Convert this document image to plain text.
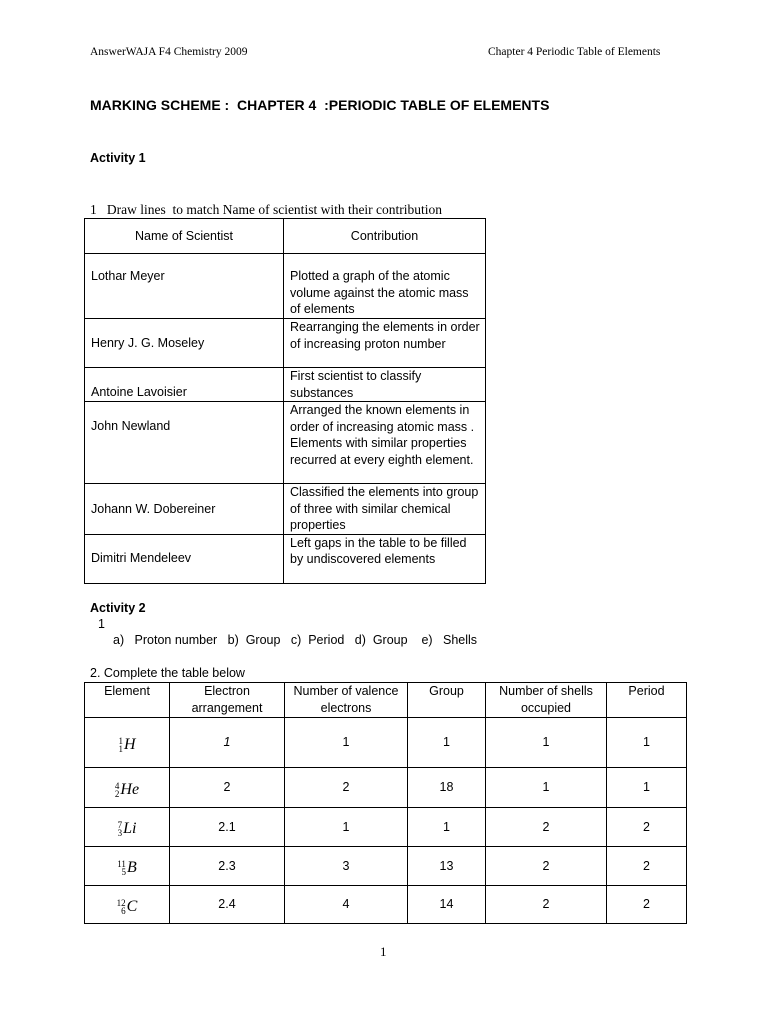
AnswerWAJA F4 Chemistry 2009	Chapter 4 Periodic Table of Elements
MARKING SCHEME :  CHAPTER 4  :PERIODIC TABLE OF ELEMENTS
Activity 1
1   Draw lines  to match Name of scientist with their contribution
Name of Scientist	Contribution
Lothar Meyer	Plotted a graph of the atomic volume against the atomic mass of elements
Henry J. G. Moseley	Rearranging the elements in order of increasing proton number
Antoine Lavoisier	First scientist to classify substances
John Newland	Arranged the known elements in order of increasing atomic mass . Elements with similar properties recurred at every eighth element.
Johann W. Dobereiner	Classified the elements into group of three with similar chemical properties
Dimitri Mendeleev	Left gaps in the table to be filled by undiscovered elements
Activity 2
1
a)   Proton number   b)  Group   c)  Period   d)  Group    e)   Shells
2. Complete the table below
Element	Electron arrangement	Number of valence electrons	Group	Number of shells occupied	Period

1
1 H	1	1	1	1	1

4
2 He	2	2	18	1	1

7
3 Li	2.1	1	1	2	2

11
5 B	2.3	3	13	2	2

12
6 C	2.4	4	14	2	2
1
